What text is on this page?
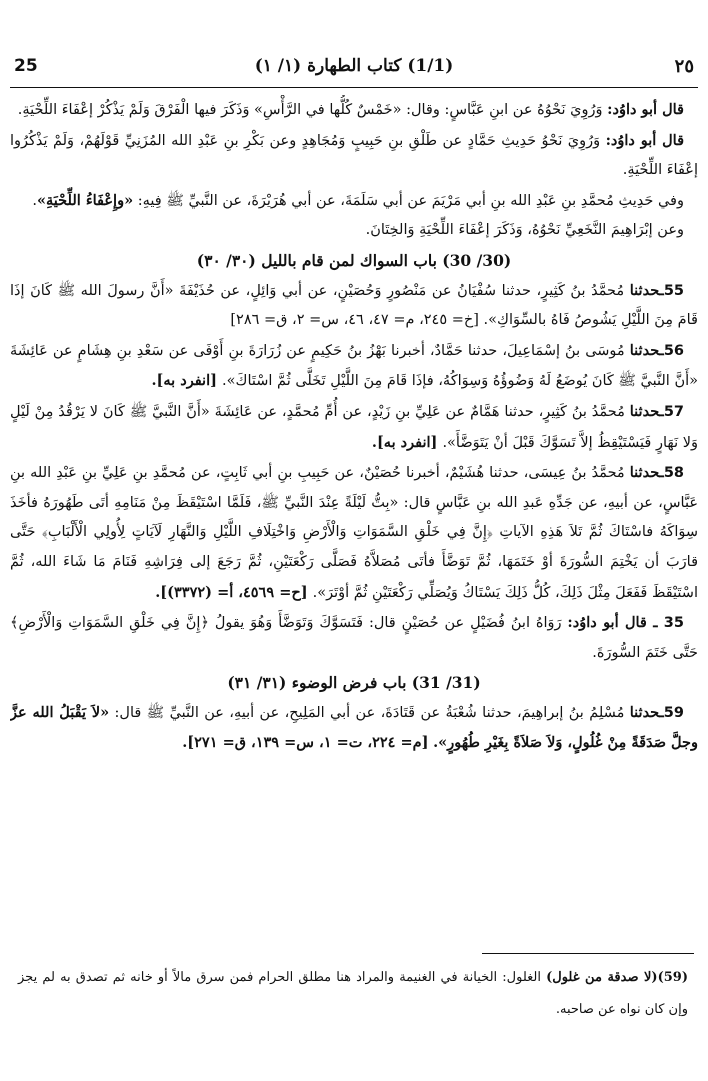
25	(1/1) كتاب الطهارة (١/ ١)	٢٥

قال أبو داوُد: وَرُوِيَ نَحْوُهُ عن ابنِ عَبَّاسٍ: وقال: «خَمْسٌ كُلُّها في الرَّأْسِ» وَذَكَرَ فيها الْفَرْقَ وَلَمْ يَذْكُرْ إعْفَاءَ اللِّحْيَةِ.

قال أبو داوُد: وَرُوِيَ نَحْوُ حَدِيثِ حَمَّادٍ عن طَلْقِ بنِ حَبِيبٍ وَمُجَاهِدٍ وعن بَكْرِ بنِ عَبْدِ الله المُزَنِيِّ قَوْلَهُمْ، وَلَمْ يَذْكُرُوا إعْفَاءَ اللِّحْيَةِ.

وفي حَدِيثِ مُحمَّدِ بنِ عَبْدِ الله بنِ أبي مَرْيَمَ عن أبي سَلَمَةَ، عن أبي هُرَيْرَةَ، عن النَّبيِّ ﷺ فِيهِ: «وإِعْفَاءُ اللِّحْيَةِ».

وعن إبْرَاهِيمَ النَّخَعِيِّ نَحْوُهُ، وَذَكَرَ إعْفَاءَ اللِّحْيَةِ وَالخِتَانَ.

(30/ 30) باب السواك لمن قام بالليل (٣٠/ ٣٠)

55ـحدثنا مُحمَّدُ بنُ كَثِيرٍ، حدثنا سُفْيَانُ عن مَنْصُورٍ وَحُصَيْنٍ، عن أبي وَائِلٍ، عن حُذَيْفَةَ «أَنَّ رسولَ الله ﷺ كَانَ إذَا قَامَ مِنَ اللَّيْلِ يَشُوصُ فَاهُ بالسِّوَاكِ». [خ= ٢٤٥، م= ٤٧، ٤٦، س= ٢، ق= ٢٨٦]

56ـحدثنا مُوسَى بنُ إسْمَاعِيلَ، حدثنا حَمَّادٌ، أخبرنا بَهْزُ بنُ حَكِيمٍ عن زُرَارَةَ بنِ أَوْفَى عن سَعْدِ بنِ هِشَامٍ عن عَائِشَةَ «أَنَّ النَّبيَّ ﷺ كَانَ يُوضَعُ لَهُ وَضُوؤُهُ وَسِوَاكُهُ، فإذَا قَامَ مِنَ اللَّيْلِ تَخَلَّى ثُمَّ اسْتَاكَ». [انفرد به].

57ـحدثنا مُحمَّدُ بنُ كَثِيرٍ، حدثنا هَمَّامٌ عن عَلِيِّ بنِ زَيْدٍ، عن أُمِّ مُحمَّدٍ، عن عَائِشَةَ «أَنَّ النَّبيَّ ﷺ كَانَ لا يَرْقُدُ مِنْ لَيْلٍ وَلا نَهَارٍ فَيَسْتَيْقِظُ إلاَّ تَسَوَّكَ قَبْلَ أنْ يَتَوَضَّأَ». [انفرد به].

58ـحدثنا مُحمَّدُ بنُ عِيسَى، حدثنا هُشَيْمٌ، أخبرنا حُصَيْنٌ، عن حَبِيبِ بنِ أبي ثَابِتٍ، عن مُحمَّدِ بنِ عَلِيِّ بنِ عَبْدِ الله بنِ عَبَّاسٍ، عن أبيهِ، عن جَدِّهِ عَبدِ الله بنِ عَبَّاسٍ قال: «بِتُّ لَيْلَةً عِنْدَ النَّبيِّ ﷺ، فَلَمَّا اسْتَيْقَظَ مِنْ مَنَامِهِ أتَى طَهُورَهُ فأخَذَ سِوَاكَهُ فاسْتَاكَ ثُمَّ تَلاَ هَذِهِ الآياتِ ﴿إِنَّ فِي خَلْقِ السَّمَوَاتِ وَالْأَرْضِ وَاخْتِلَافِ اللَّيْلِ وَالنَّهَارِ لَآيَاتٍ لِأُولِي الْأَلْبَابِ﴾ حَتَّى قارَبَ أن يَخْتِمَ السُّورَةَ أوْ خَتَمَهَا، ثُمَّ تَوَضَّأَ فأتَى مُصَلاَّهُ فَصَلَّى رَكْعَتَيْنِ، ثُمَّ رَجَعَ إلى فِرَاشِهِ فَنَامَ مَا شَاءَ الله، ثُمَّ اسْتَيْقَظَ فَفَعَلَ مِثْلَ ذَلِكَ، كُلُّ ذَلِكَ يَسْتَاكُ وَيُصَلِّي رَكْعَتَيْنِ ثُمَّ أوْتَرَ». [ح= ٤٥٦٩، أ= (٣٣٧٢)].

35 ـ قال أبو داوُد: رَوَاهُ ابنُ فُضَيْلٍ عن حُصَيْنٍ قال: فَتَسَوَّكَ وَتَوَضَّأَ وَهُوَ يقولُ ﴿إِنَّ فِي خَلْقِ السَّمَوَاتِ وَالْأَرْضِ﴾ حَتَّى خَتَمَ السُّورَةَ.

(31/ 31) باب فرض الوضوء (٣١/ ٣١)

59ـحدثنا مُسْلِمُ بنُ إبراهِيمَ، حدثنا شُعْبَةُ عن قَتَادَةَ، عن أبي المَلِيحِ، عن أبيهِ، عن النَّبيِّ ﷺ قال: «لاَ يَقْبَلُ الله عزَّ وجلَّ صَدَقَةً مِنْ غُلُولٍ، وَلاَ صَلاَةً بِغَيْرِ طُهُورٍ». [م= ٢٢٤، ت= ١، س= ١٣٩، ق= ٢٧١].

(59)(لا صدقة من غلول) الغلول: الخيانة في الغنيمة والمراد هنا مطلق الحرام فمن سرق مالاً أو خانه ثم تصدق به لم يجز وإن كان نواه عن صاحبه.
